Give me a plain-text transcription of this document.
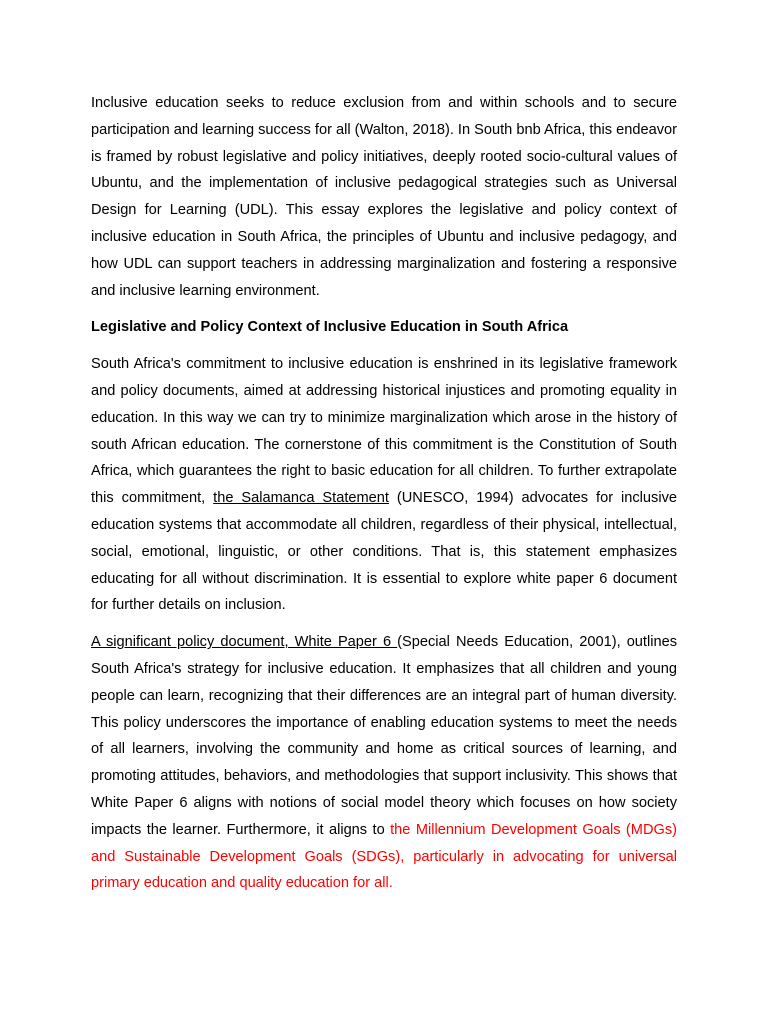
Inclusive education seeks to reduce exclusion from and within schools and to secure participation and learning success for all (Walton, 2018). In South bnb Africa, this endeavor is framed by robust legislative and policy initiatives, deeply rooted socio-cultural values of Ubuntu, and the implementation of inclusive pedagogical strategies such as Universal Design for Learning (UDL). This essay explores the legislative and policy context of inclusive education in South Africa, the principles of Ubuntu and inclusive pedagogy, and how UDL can support teachers in addressing marginalization and fostering a responsive and inclusive learning environment.

Legislative and Policy Context of Inclusive Education in South Africa

South Africa's commitment to inclusive education is enshrined in its legislative framework and policy documents, aimed at addressing historical injustices and promoting equality in education. In this way we can try to minimize marginalization which arose in the history of south African education. The cornerstone of this commitment is the Constitution of South Africa, which guarantees the right to basic education for all children. To further extrapolate this commitment, the Salamanca Statement (UNESCO, 1994) advocates for inclusive education systems that accommodate all children, regardless of their physical, intellectual, social, emotional, linguistic, or other conditions. That is, this statement emphasizes educating for all without discrimination. It is essential to explore white paper 6 document for further details on inclusion.

A significant policy document, White Paper 6 (Special Needs Education, 2001), outlines South Africa's strategy for inclusive education. It emphasizes that all children and young people can learn, recognizing that their differences are an integral part of human diversity. This policy underscores the importance of enabling education systems to meet the needs of all learners, involving the community and home as critical sources of learning, and promoting attitudes, behaviors, and methodologies that support inclusivity. This shows that White Paper 6 aligns with notions of social model theory which focuses on how society impacts the learner. Furthermore, it aligns to the Millennium Development Goals (MDGs) and Sustainable Development Goals (SDGs), particularly in advocating for universal primary education and quality education for all.
